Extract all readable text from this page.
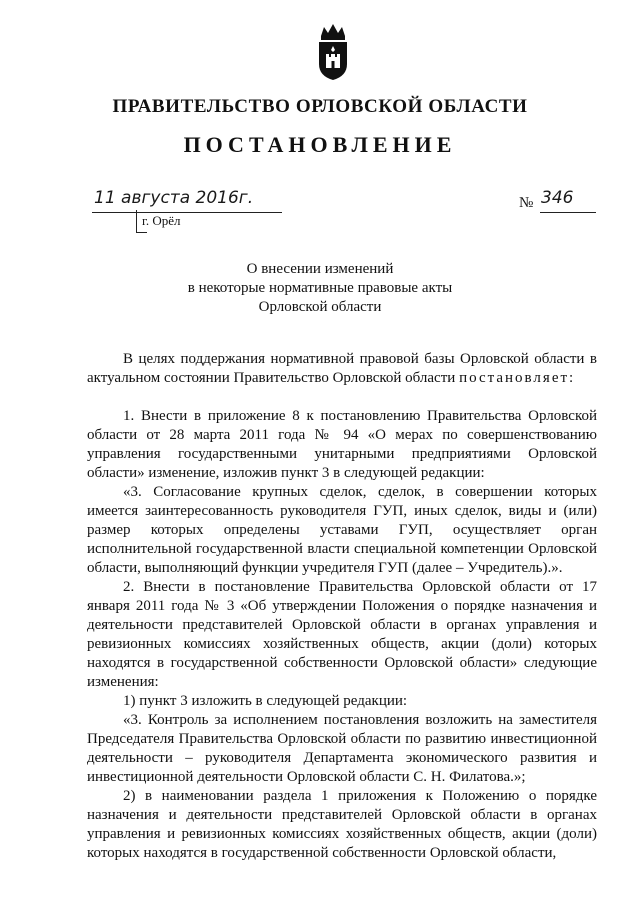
ПРАВИТЕЛЬСТВО ОРЛОВСКОЙ ОБЛАСТИ
ПОСТАНОВЛЕНИЕ
11 августа 2016г.
г. Орёл
№ 346
О внесении изменений
в некоторые нормативные правовые акты
Орловской области

В целях поддержания нормативной правовой базы Орловской области в актуальном состоянии Правительство Орловской области постановляет:

1. Внести в приложение 8 к постановлению Правительства Орловской области от 28 марта 2011 года № 94 «О мерах по совершенствованию управления государственными унитарными предприятиями Орловской области» изменение, изложив пункт 3 в следующей редакции:

«3. Согласование крупных сделок, сделок, в совершении которых имеется заинтересованность руководителя ГУП, иных сделок, виды и (или) размер которых определены уставами ГУП, осуществляет орган исполнительной государственной власти специальной компетенции Орловской области, выполняющий функции учредителя ГУП (далее – Учредитель).».

2. Внести в постановление Правительства Орловской области от 17 января 2011 года № 3 «Об утверждении Положения о порядке назначения и деятельности представителей Орловской области в органах управления и ревизионных комиссиях хозяйственных обществ, акции (доли) которых находятся в государственной собственности Орловской области» следующие изменения:

1) пункт 3 изложить в следующей редакции:

«3. Контроль за исполнением постановления возложить на заместителя Председателя Правительства Орловской области по развитию инвестиционной деятельности – руководителя Департамента экономического развития и инвестиционной деятельности Орловской области С. Н. Филатова.»;

2) в наименовании раздела 1 приложения к Положению о порядке назначения и деятельности представителей Орловской области в органах управления и ревизионных комиссиях хозяйственных обществ, акции (доли) которых находятся в государственной собственности Орловской области,
